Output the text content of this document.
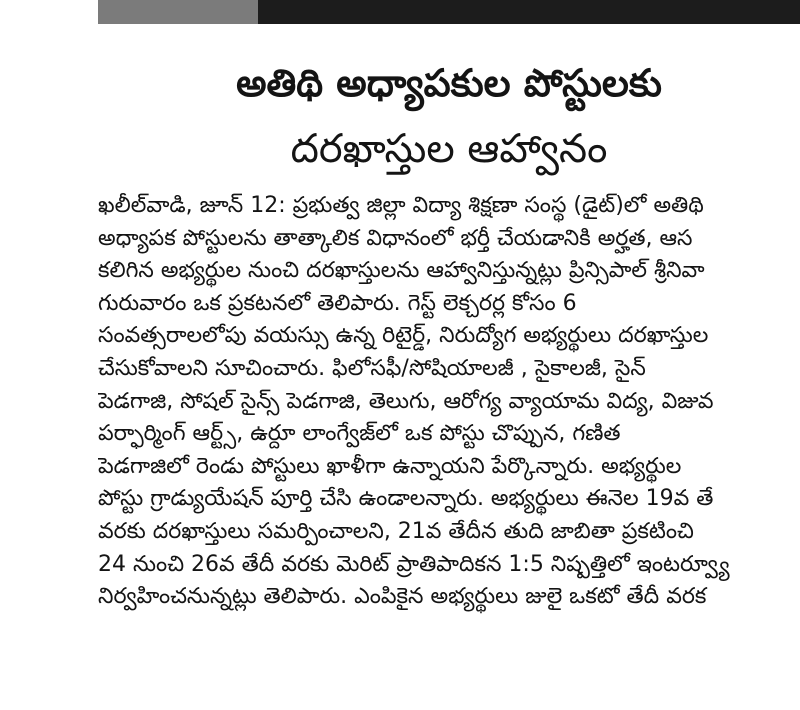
అతిథి అధ్యాపకుల పోస్టులకు
దరఖాస్తుల ఆహ్వానం
ఖలీల్‌వాడి, జూన్ 12: ప్రభుత్వ జిల్లా విద్యా శిక్షణా సంస్థ (డైట్)లో అతిథి
అధ్యాపక పోస్టులను తాత్కాలిక విధానంలో భర్తీ చేయడానికి అర్హత, ఆస
కలిగిన అభ్యర్థుల నుంచి దరఖాస్తులను ఆహ్వానిస్తున్నట్లు ప్రిన్సిపాల్ శ్రీనివా
గురువారం ఒక ప్రకటనలో తెలిపారు. గెస్ట్ లెక్చరర్ల కోసం 6
సంవత్సరాలలోపు వయస్సు ఉన్న రిటైర్డ్, నిరుద్యోగ అభ్యర్థులు దరఖాస్తుల
చేసుకోవాలని సూచించారు. ఫిలోసఫీ/సోషియాలజీ , సైకాలజీ, సైన్
పెడగాజి, సోషల్ సైన్స్ పెడగాజి, తెలుగు, ఆరోగ్య వ్యాయామ విద్య, విజువ
పర్ఫార్మింగ్ ఆర్ట్స్, ఉర్దూ లాంగ్వేజ్‌లో ఒక పోస్టు చొప్పున, గణిత
పెడగాజిలో రెండు పోస్టులు ఖాళీగా ఉన్నాయని పేర్కొన్నారు. అభ్యర్థుల
పోస్టు గ్రాడ్యుయేషన్ పూర్తి చేసి ఉండాలన్నారు. అభ్యర్థులు ఈనెల 19వ తే
వరకు దరఖాస్తులు సమర్పించాలని, 21వ తేదీన తుది జాబితా ప్రకటించి
24 నుంచి 26వ తేదీ వరకు మెరిట్ ప్రాతిపాదికన 1:5 నిష్పత్తిలో ఇంటర్వ్యూ
నిర్వహించనున్నట్లు తెలిపారు. ఎంపికైన అభ్యర్థులు జులై ఒకటో తేదీ వరక
